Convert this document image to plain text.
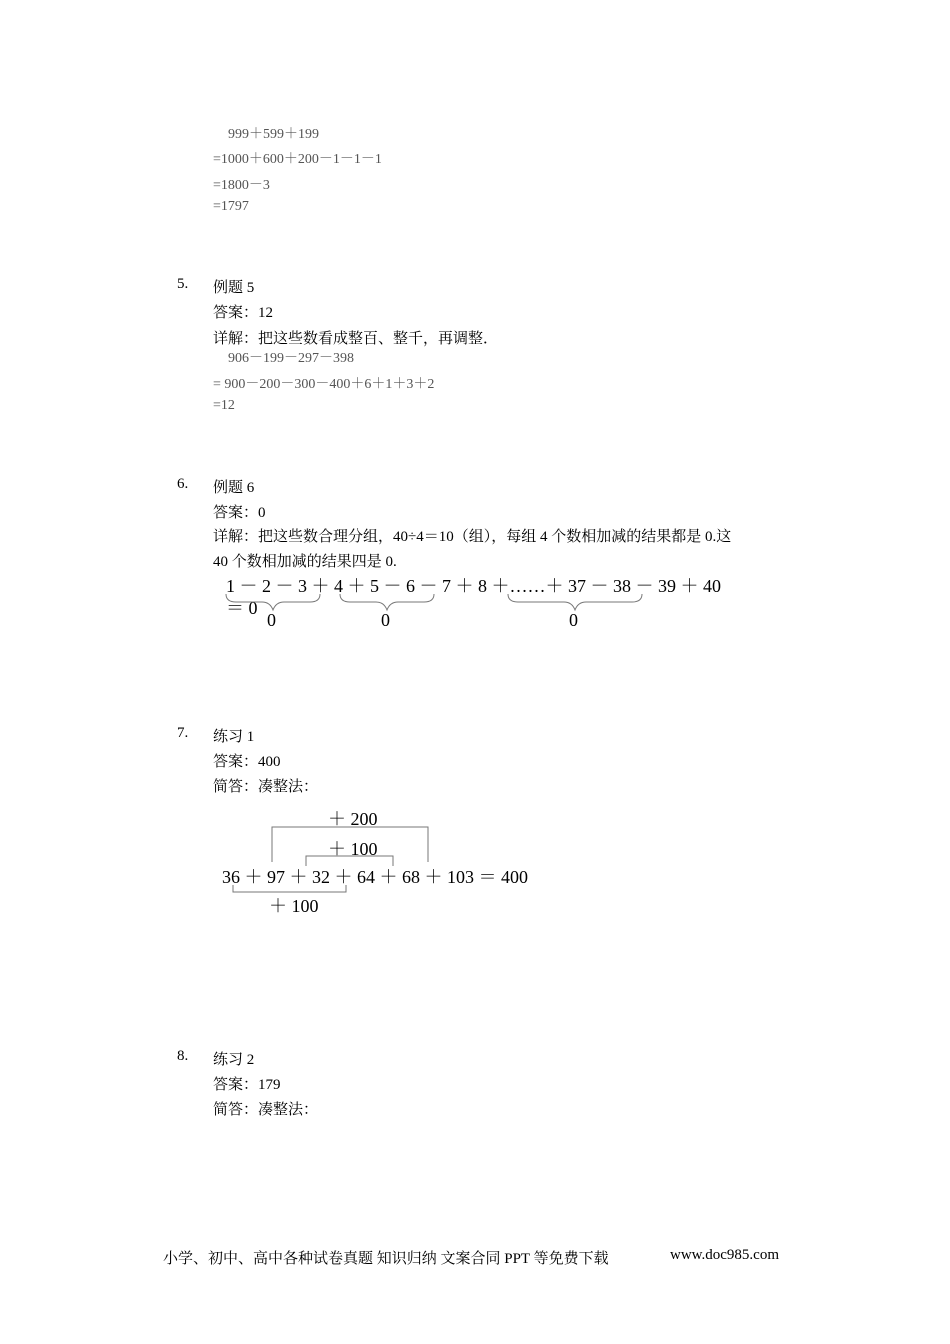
999＋599＋199
=1000＋600＋200－1－1－1
=1800－3
=1797
5. 例题 5
答案：12
详解：把这些数看成整百、整千，再调整．
906－199－297－398
= 900－200－300－400＋6＋1＋3＋2
=12
6. 例题 6
答案：0
详解：把这些数合理分组，40÷4＝10（组），每组 4 个数相加减的结果都是 0.这
40 个数相加减的结果四是 0.
1 － 2 － 3 ＋ 4 ＋ 5 － 6 － 7 ＋ 8 ＋……＋ 37 － 38 － 39 ＋ 40
＝ 0
0	0	0
7. 练习 1
答案：400
简答：凑整法：
＋ 200
＋ 100
36 ＋ 97 ＋ 32 ＋ 64 ＋ 68 ＋ 103 ＝ 400
＋ 100
8. 练习 2
答案：179
简答：凑整法：
小学、初中、高中各种试卷真题 知识归纳 文案合同 PPT 等免费下载	www.doc985.com
